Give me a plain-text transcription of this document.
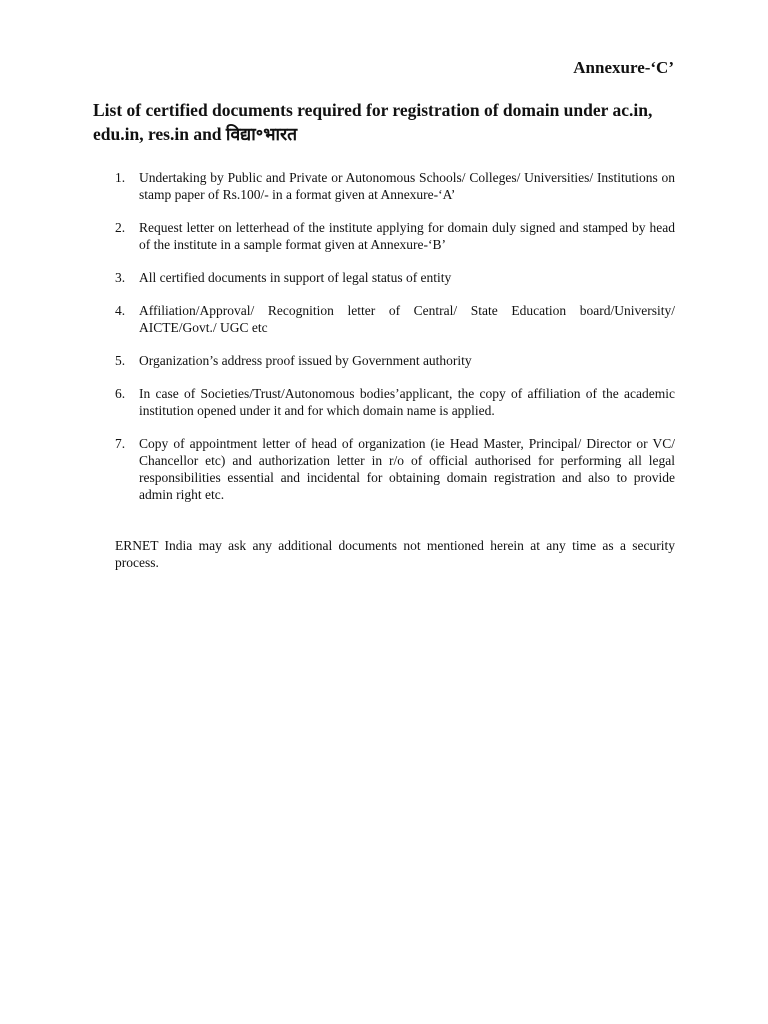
Annexure-‘C’

List of certified documents required for registration of domain under ac.in, edu.in, res.in and विद्या॰भारत
1.	Undertaking by Public and Private or Autonomous Schools/ Colleges/ Universities/ Institutions on stamp paper of Rs.100/- in a format given at Annexure-‘A’
2.	Request letter on letterhead of the institute applying for domain duly signed and stamped by head of the institute in a sample format given at Annexure-‘B’
3.	All certified documents in support of legal status of entity
4.	Affiliation/Approval/ Recognition letter of Central/ State Education board/University/ AICTE/Govt./ UGC etc
5.	Organization’s address proof issued by Government authority
6.	In case of Societies/Trust/Autonomous bodies’applicant, the copy of affiliation of the academic institution opened under it and for which domain name is applied.
7.	Copy of appointment letter of head of organization (ie Head Master, Principal/ Director or VC/ Chancellor etc) and authorization letter in r/o of official authorised for performing all legal responsibilities essential and incidental for obtaining domain registration and also to provide admin right etc.

ERNET India may ask any additional documents not mentioned herein at any time as a security process.
